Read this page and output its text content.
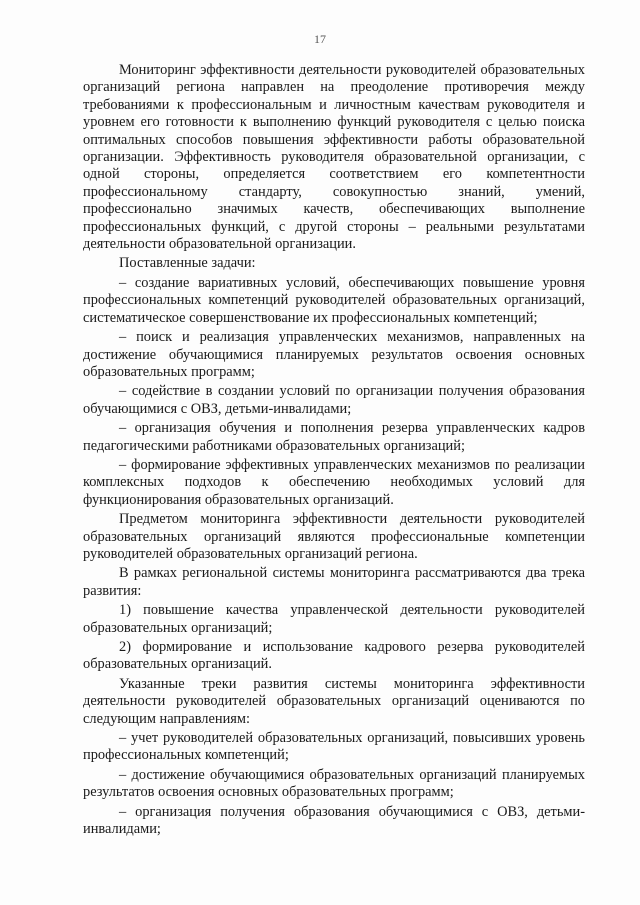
17

Мониторинг эффективности деятельности руководителей образовательных организаций региона направлен на преодоление противоречия между требованиями к профессиональным и личностным качествам руководителя и уровнем его готовности к выполнению функций руководителя с целью поиска оптимальных способов повышения эффективности работы образовательной организации. Эффективность руководителя образовательной организации, с одной стороны, определяется соответствием его компетентности профессиональному стандарту, совокупностью знаний, умений, профессионально значимых качеств, обеспечивающих выполнение профессиональных функций, с другой стороны – реальными результатами деятельности образовательной организации.

Поставленные задачи:

– создание вариативных условий, обеспечивающих повышение уровня профессиональных компетенций руководителей образовательных организаций, систематическое совершенствование их профессиональных компетенций;

– поиск и реализация управленческих механизмов, направленных на достижение обучающимися планируемых результатов освоения основных образовательных программ;

– содействие в создании условий по организации получения образования обучающимися с ОВЗ, детьми-инвалидами;

– организация обучения и пополнения резерва управленческих кадров педагогическими работниками образовательных организаций;

– формирование эффективных управленческих механизмов по реализации комплексных подходов к обеспечению необходимых условий для функционирования образовательных организаций.

Предметом мониторинга эффективности деятельности руководителей образовательных организаций являются профессиональные компетенции руководителей образовательных организаций региона.

В рамках региональной системы мониторинга рассматриваются два трека развития:

1) повышение качества управленческой деятельности руководителей образовательных организаций;

2) формирование и использование кадрового резерва руководителей образовательных организаций.

Указанные треки развития системы мониторинга эффективности деятельности руководителей образовательных организаций оцениваются по следующим направлениям:

– учет руководителей образовательных организаций, повысивших уровень профессиональных компетенций;

– достижение обучающимися образовательных организаций планируемых результатов освоения основных образовательных программ;

– организация получения образования обучающимися с ОВЗ, детьми-инвалидами;
